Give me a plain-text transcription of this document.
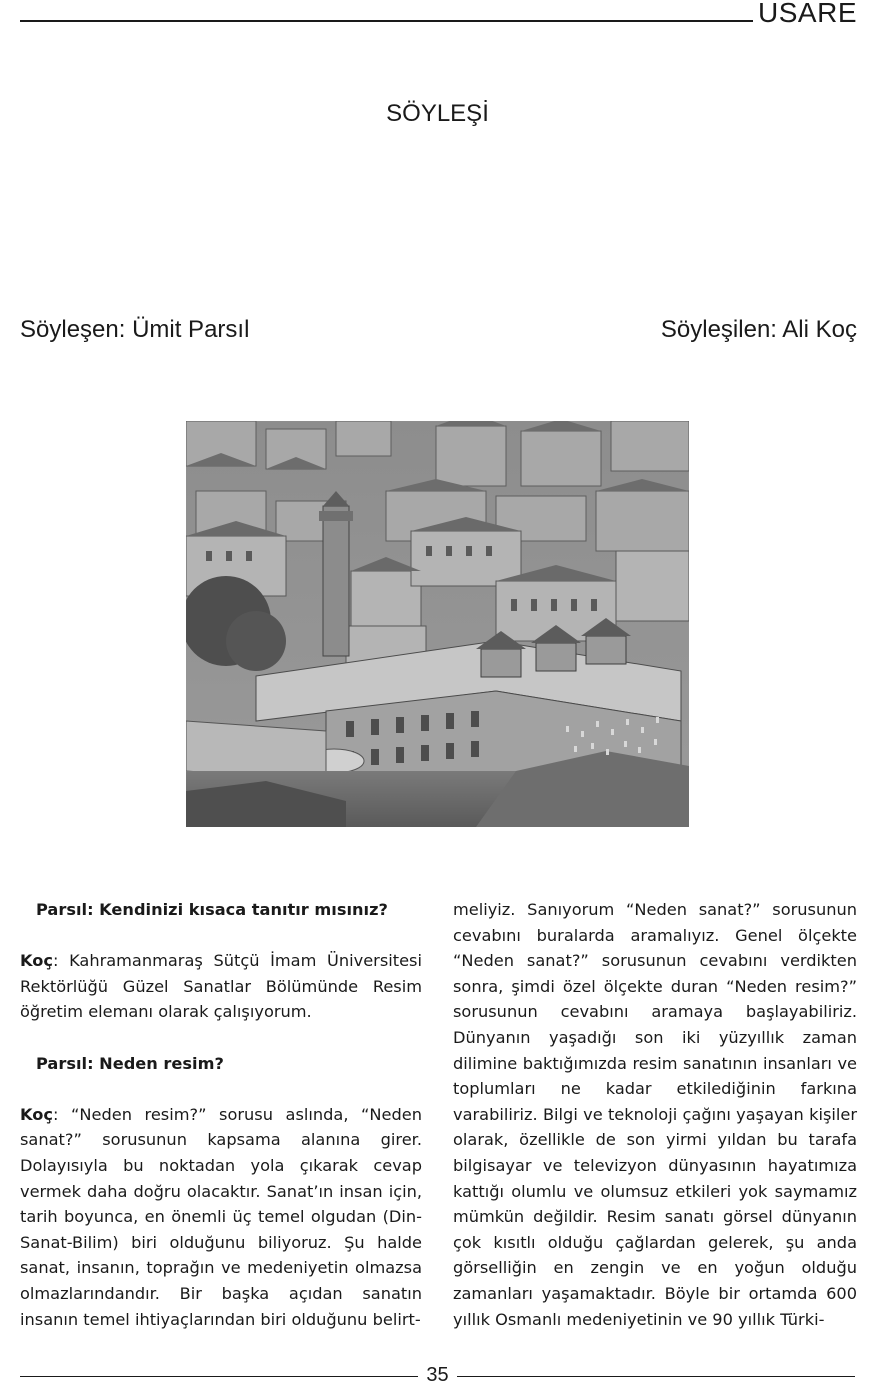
USARE
SÖYLEŞİ
Söyleşen: Ümit Parsıl	Söyleşilen: Ali Koç

Parsıl: Kendinizi kısaca tanıtır mısınız?

Koç: Kahramanmaraş Sütçü İmam Üniversitesi Rektörlüğü Güzel Sanatlar Bölümünde Resim öğretim elemanı olarak çalışıyorum.

Parsıl: Neden resim?

Koç: “Neden resim?” sorusu aslında, “Neden sanat?” sorusunun kapsama alanına girer. Dolayısıyla bu noktadan yola çıkarak cevap vermek daha doğru olacaktır. Sanat’ın insan için, tarih boyunca, en önemli üç temel olgudan (Din-Sanat-Bilim) biri olduğunu biliyoruz. Şu halde sanat, insanın, toprağın ve medeniyetin olmazsa olmazlarındandır. Bir başka açıdan sanatın insanın temel ihtiyaçlarından biri olduğunu belirt-

meliyiz. Sanıyorum “Neden sanat?” sorusunun cevabını buralarda aramalıyız. Genel ölçekte “Neden sanat?” sorusunun cevabını verdikten sonra, şimdi özel ölçekte duran “Neden resim?” sorusunun cevabını aramaya başlayabiliriz. Dünyanın yaşadığı son iki yüzyıllık zaman dilimine baktığımızda resim sanatının insanları ve toplumları ne kadar etkilediğinin farkına varabiliriz. Bilgi ve teknoloji çağını yaşayan kişiler olarak, özellikle de son yirmi yıldan bu tarafa bilgisayar ve televizyon dünyasının hayatımıza kattığı olumlu ve olumsuz etkileri yok saymamız mümkün değildir. Resim sanatı görsel dünyanın çok kısıtlı olduğu çağlardan gelerek, şu anda görselliğin en zengin ve en yoğun olduğu zamanları yaşamaktadır. Böyle bir ortamda 600 yıllık Osmanlı medeniyetinin ve 90 yıllık Türki-

35
